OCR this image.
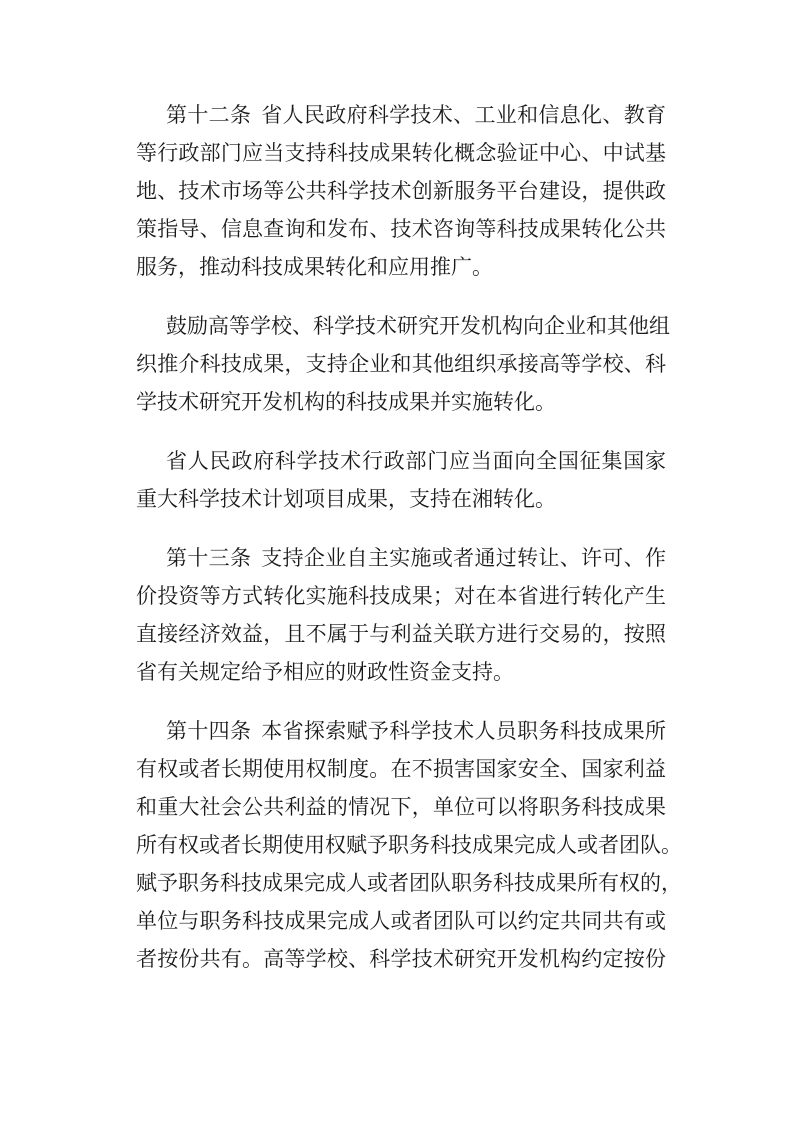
第十二条 省人民政府科学技术、工业和信息化、教育
等行政部门应当支持科技成果转化概念验证中心、中试基
地、技术市场等公共科学技术创新服务平台建设，提供政
策指导、信息查询和发布、技术咨询等科技成果转化公共
服务，推动科技成果转化和应用推广。
鼓励高等学校、科学技术研究开发机构向企业和其他组
织推介科技成果，支持企业和其他组织承接高等学校、科
学技术研究开发机构的科技成果并实施转化。
省人民政府科学技术行政部门应当面向全国征集国家
重大科学技术计划项目成果，支持在湘转化。
第十三条 支持企业自主实施或者通过转让、许可、作
价投资等方式转化实施科技成果；对在本省进行转化产生
直接经济效益，且不属于与利益关联方进行交易的，按照
省有关规定给予相应的财政性资金支持。
第十四条 本省探索赋予科学技术人员职务科技成果所
有权或者长期使用权制度。在不损害国家安全、国家利益
和重大社会公共利益的情况下，单位可以将职务科技成果
所有权或者长期使用权赋予职务科技成果完成人或者团队。
赋予职务科技成果完成人或者团队职务科技成果所有权的，
单位与职务科技成果完成人或者团队可以约定共同共有或
者按份共有。高等学校、科学技术研究开发机构约定按份
